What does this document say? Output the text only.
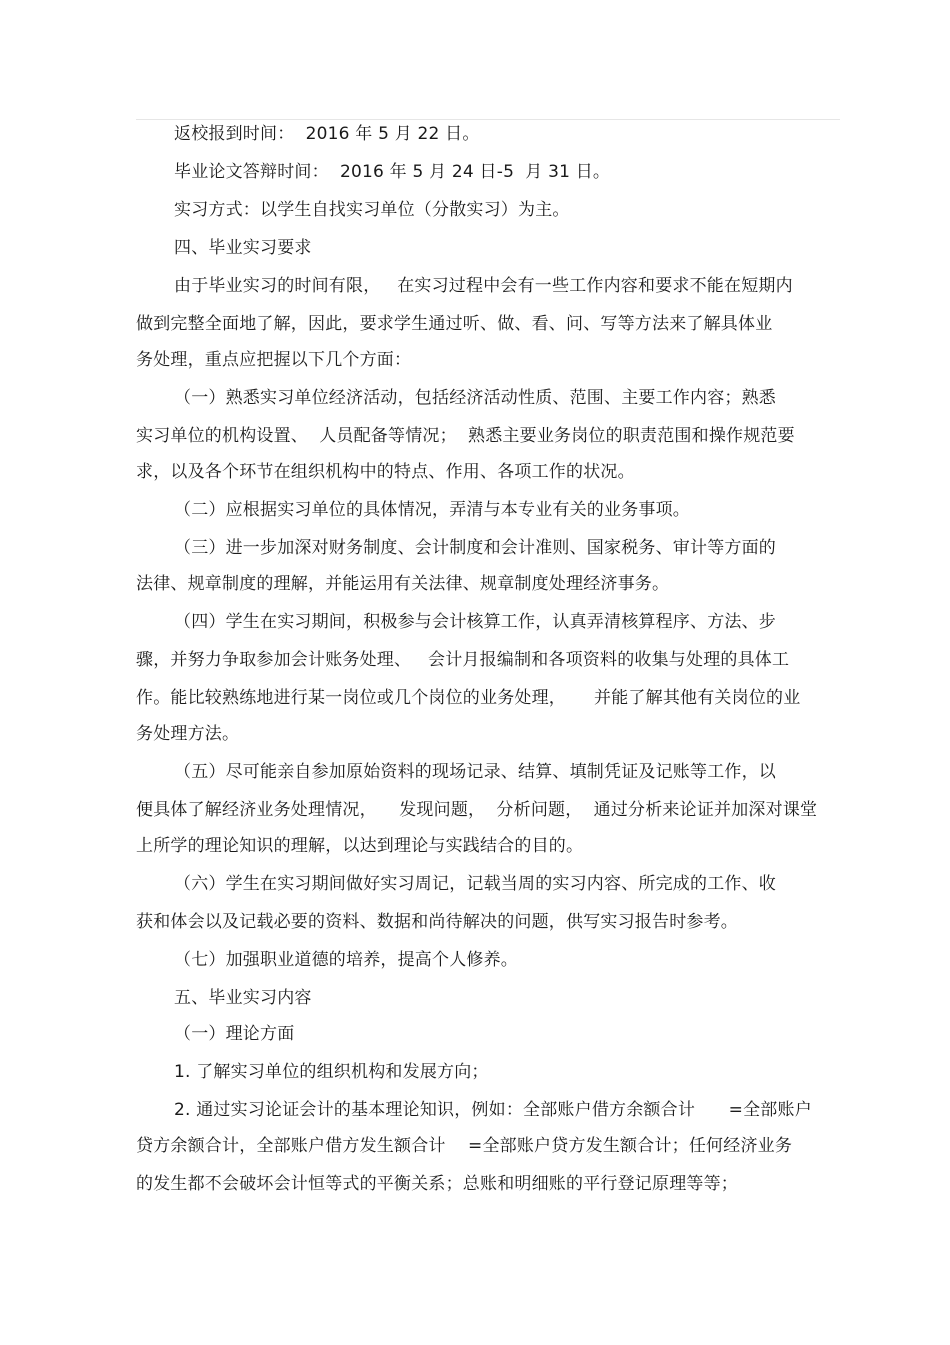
返校报到时间：  2016 年 5 月 22 日。
毕业论文答辩时间：  2016 年 5 月 24 日-5  月 31 日。
实习方式：以学生自找实习单位（分散实习）为主。
四、毕业实习要求
由于毕业实习的时间有限，   在实习过程中会有一些工作内容和要求不能在短期内
做到完整全面地了解，因此，要求学生通过听、做、看、问、写等方法来了解具体业
务处理，重点应把握以下几个方面：
（一）熟悉实习单位经济活动，包括经济活动性质、范围、主要工作内容；熟悉
实习单位的机构设置、  人员配备等情况；  熟悉主要业务岗位的职责范围和操作规范要
求，以及各个环节在组织机构中的特点、作用、各项工作的状况。
（二）应根据实习单位的具体情况，弄清与本专业有关的业务事项。
（三）进一步加深对财务制度、会计制度和会计准则、国家税务、审计等方面的
法律、规章制度的理解，并能运用有关法律、规章制度处理经济事务。
（四）学生在实习期间，积极参与会计核算工作，认真弄清核算程序、方法、步
骤，并努力争取参加会计账务处理、   会计月报编制和各项资料的收集与处理的具体工
作。能比较熟练地进行某一岗位或几个岗位的业务处理，     并能了解其他有关岗位的业
务处理方法。
（五）尽可能亲自参加原始资料的现场记录、结算、填制凭证及记账等工作，以
便具体了解经济业务处理情况，    发现问题，  分析问题，  通过分析来论证并加深对课堂
上所学的理论知识的理解，以达到理论与实践结合的目的。
（六）学生在实习期间做好实习周记，记载当周的实习内容、所完成的工作、收
获和体会以及记载必要的资料、数据和尚待解决的问题，供写实习报告时参考。
（七）加强职业道德的培养，提高个人修养。
五、毕业实习内容
（一）理论方面
1. 了解实习单位的组织机构和发展方向；
2. 通过实习论证会计的基本理论知识，例如：全部账户借方余额合计      =全部账户
贷方余额合计，全部账户借方发生额合计    =全部账户贷方发生额合计；任何经济业务
的发生都不会破坏会计恒等式的平衡关系；总账和明细账的平行登记原理等等；
